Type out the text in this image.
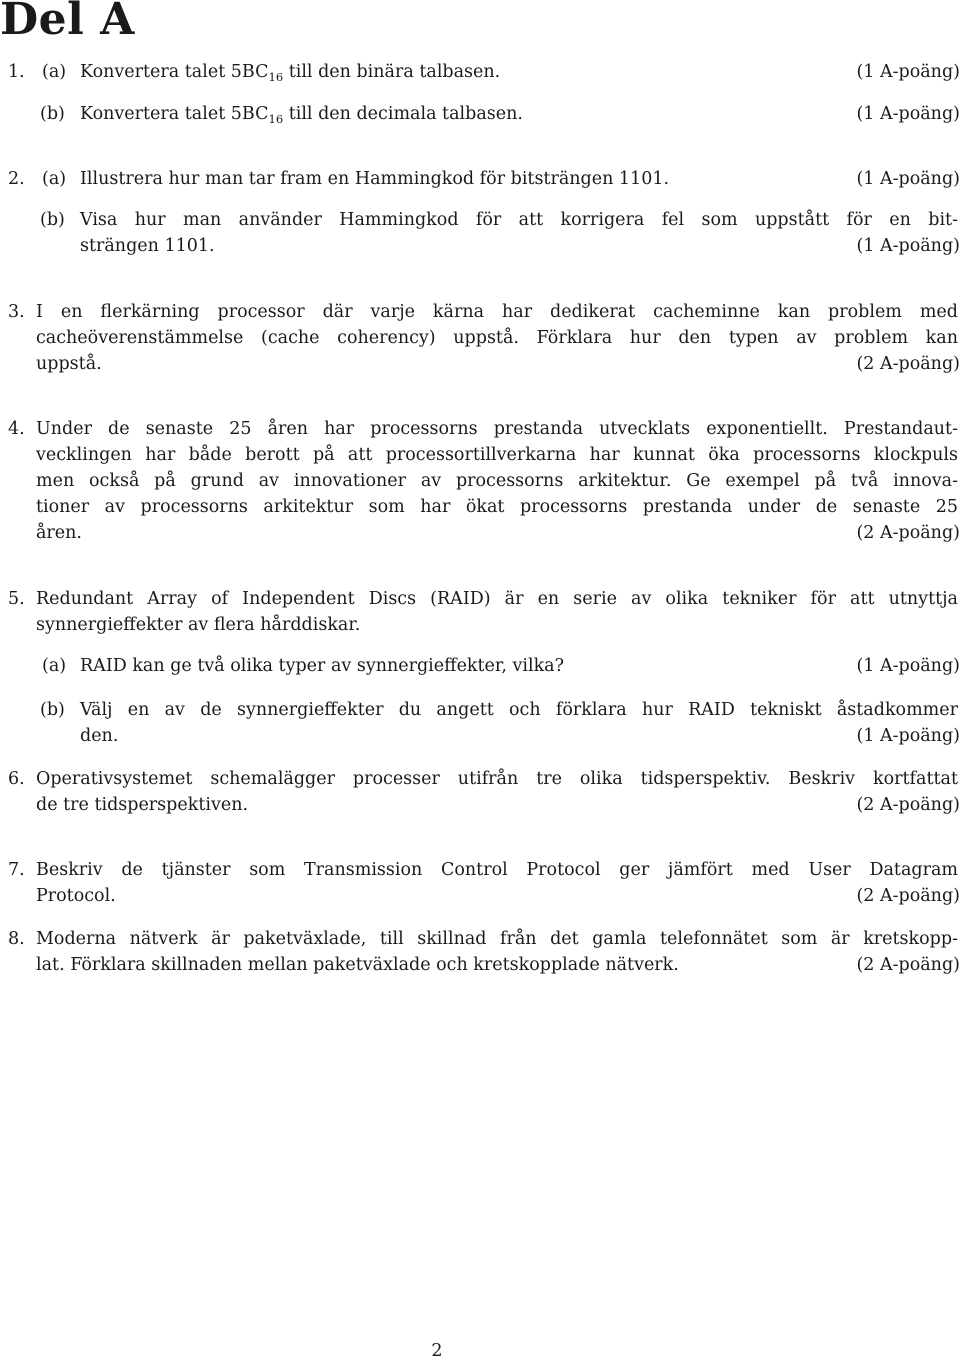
Del A
1. (a) Konvertera talet $5BC_{16}$ till den binära talbasen.	(1 A-poäng)
(b) Konvertera talet $5BC_{16}$ till den decimala talbasen.	(1 A-poäng)
2. (a) Illustrera hur man tar fram en Hammingkod för bitsträngen 1101.	(1 A-poäng)
(b) Visa hur man använder Hammingkod för att korrigera fel som uppstått för en bit-
strängen 1101.	(1 A-poäng)
3. I en flerkärning processor där varje kärna har dedikerat cacheminne kan problem med
cacheöverenstämmelse (cache coherency) uppstå. Förklara hur den typen av problem kan
uppstå.	(2 A-poäng)
4. Under de senaste 25 åren har processorns prestanda utvecklats exponentiellt. Prestandaut-
vecklingen har både berott på att processortillverkarna har kunnat öka processorns klockpuls
men också på grund av innovationer av processorns arkitektur. Ge exempel på två innova-
tioner av processorns arkitektur som har ökat processorns prestanda under de senaste 25
åren.	(2 A-poäng)
5. Redundant Array of Independent Discs (RAID) är en serie av olika tekniker för att utnyttja
synnergieffekter av flera hårddiskar.
(a) RAID kan ge två olika typer av synnergieffekter, vilka?	(1 A-poäng)
(b) Välj en av de synnergieffekter du angett och förklara hur RAID tekniskt åstadkommer
den.	(1 A-poäng)
6. Operativsystemet schemalägger processer utifrån tre olika tidsperspektiv. Beskriv kortfattat
de tre tidsperspektiven.	(2 A-poäng)
7. Beskriv de tjänster som Transmission Control Protocol ger jämfört med User Datagram
Protocol.	(2 A-poäng)
8. Moderna nätverk är paketväxlade, till skillnad från det gamla telefonnätet som är kretskopp-
lat. Förklara skillnaden mellan paketväxlade och kretskopplade nätverk.	(2 A-poäng)
2
